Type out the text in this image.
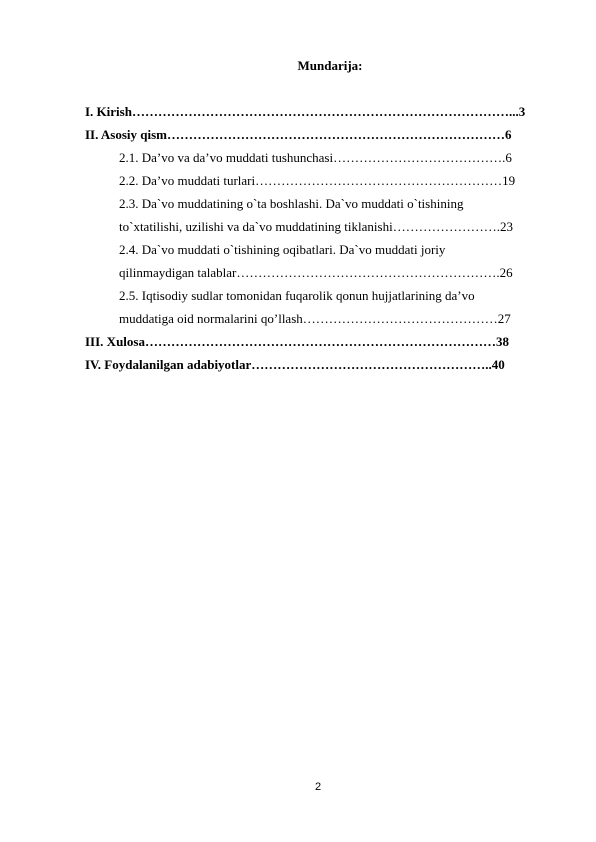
Mundarija:
I. Kirish……………………………………………………………………………...3
II. Asosiy qism……………………………………………………………………6
2.1. Da’vo va da’vo muddati tushunchasi………………………………….6
2.2. Da’vo muddati turlari…………………………………………………19
2.3. Da`vo muddatining o`ta boshlashi. Da`vo muddati o`tishining
to`xtatilishi, uzilishi va da`vo muddatining tiklanishi…………………….23
2.4. Da`vo muddati o`tishining oqibatlari. Da`vo muddati joriy
qilinmaydigan talablar…………………………………………………….26
2.5. Iqtisodiy sudlar tomonidan fuqarolik qonun hujjatlarining da’vo
muddatiga oid normalarini qo’llash………………………………………27
III. Xulosa………………………………………………………………………38
IV. Foydalanilgan adabiyotlar………………………………………………..40
2
